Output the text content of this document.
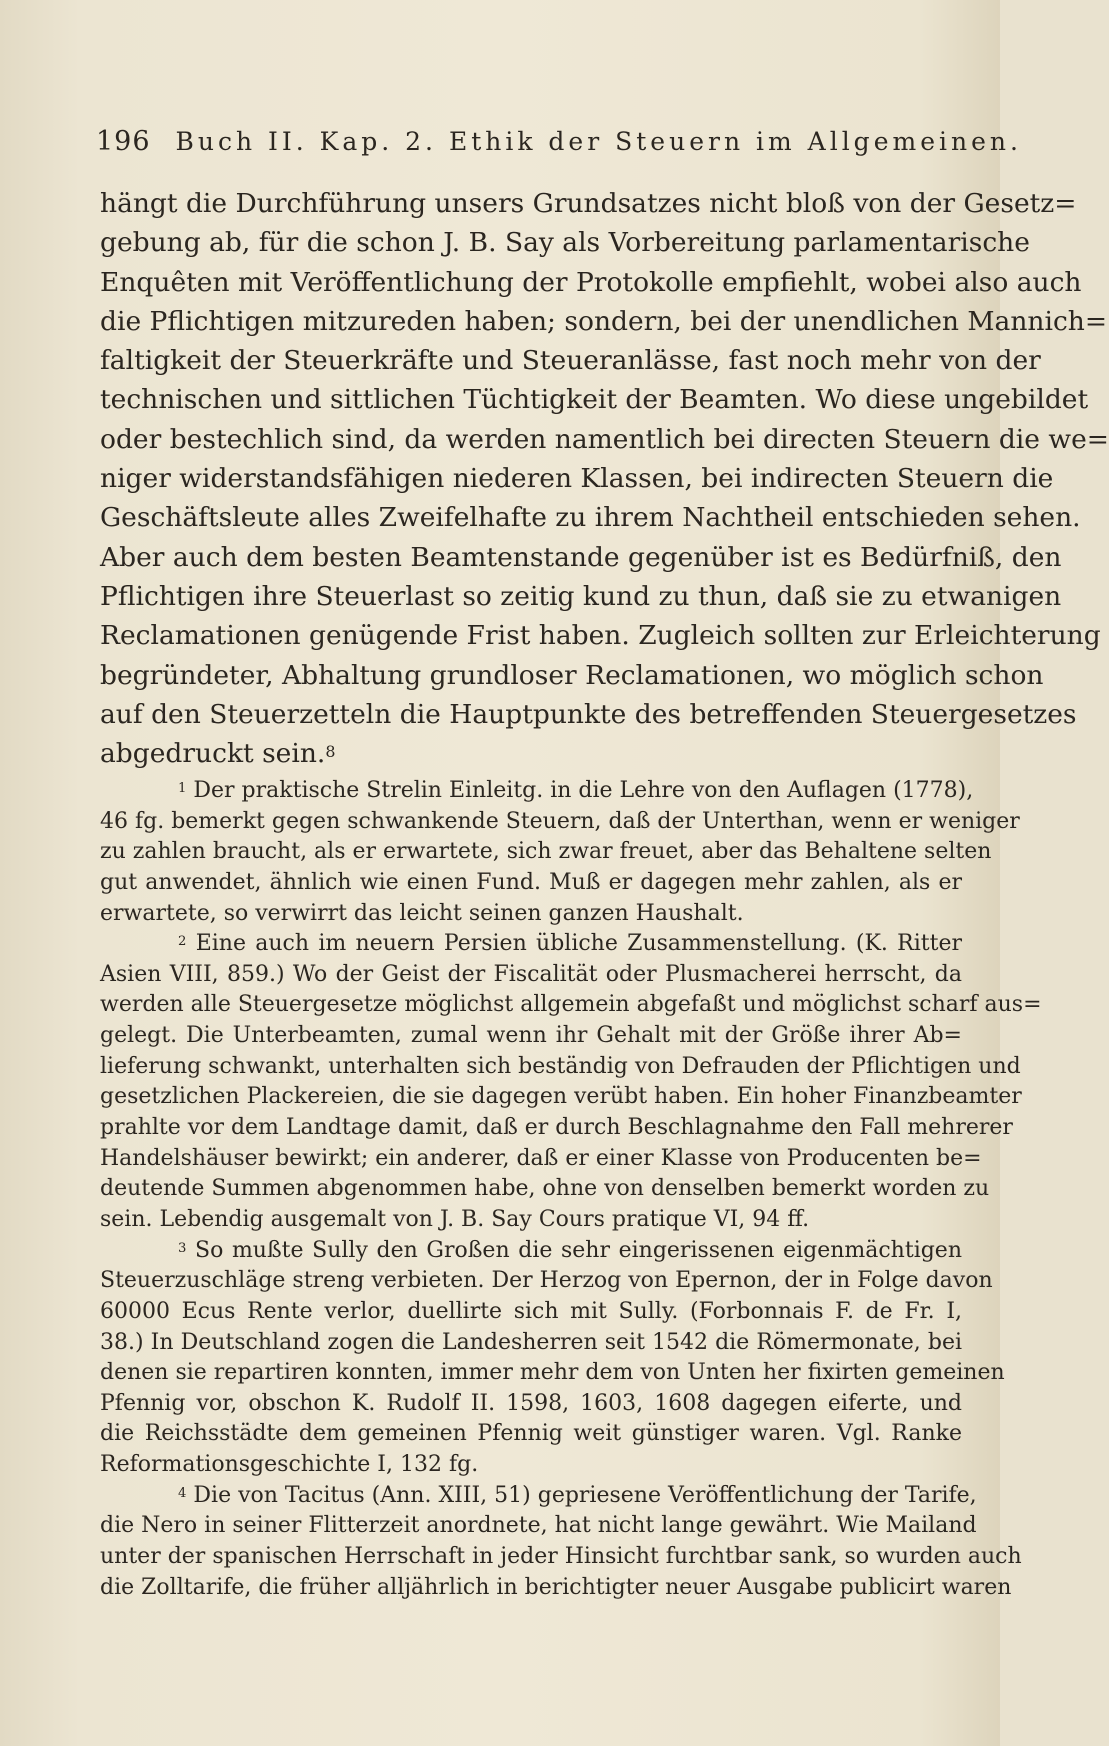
196 Buch II. Kap. 2. Ethik der Steuern im Allgemeinen.
hängt die Durchführung unsers Grundsatzes nicht bloß von der Gesetz=
gebung ab, für die schon J. B. Say als Vorbereitung parlamentarische
Enquêten mit Veröffentlichung der Protokolle empfiehlt, wobei also auch
die Pflichtigen mitzureden haben; sondern, bei der unendlichen Mannich=
faltigkeit der Steuerkräfte und Steueranlässe, fast noch mehr von der
technischen und sittlichen Tüchtigkeit der Beamten. Wo diese ungebildet
oder bestechlich sind, da werden namentlich bei directen Steuern die we=
niger widerstandsfähigen niederen Klassen, bei indirecten Steuern die
Geschäftsleute alles Zweifelhafte zu ihrem Nachtheil entschieden sehen.
Aber auch dem besten Beamtenstande gegenüber ist es Bedürfniß, den
Pflichtigen ihre Steuerlast so zeitig kund zu thun, daß sie zu etwanigen
Reclamationen genügende Frist haben. Zugleich sollten zur Erleichterung
begründeter, Abhaltung grundloser Reclamationen, wo möglich schon
auf den Steuerzetteln die Hauptpunkte des betreffenden Steuergesetzes
abgedruckt sein.$^8$
$^1$ Der praktische Strelin Einleitg. in die Lehre von den Auflagen (1778),
46 fg. bemerkt gegen schwankende Steuern, daß der Unterthan, wenn er weniger
zu zahlen braucht, als er erwartete, sich zwar freuet, aber das Behaltene selten
gut anwendet, ähnlich wie einen Fund. Muß er dagegen mehr zahlen, als er
erwartete, so verwirrt das leicht seinen ganzen Haushalt.
$^2$ Eine auch im neuern Persien übliche Zusammenstellung. (K. Ritter
Asien VIII, 859.) Wo der Geist der Fiscalität oder Plusmacherei herrscht, da
werden alle Steuergesetze möglichst allgemein abgefaßt und möglichst scharf aus=
gelegt. Die Unterbeamten, zumal wenn ihr Gehalt mit der Größe ihrer Ab=
lieferung schwankt, unterhalten sich beständig von Defrauden der Pflichtigen und
gesetzlichen Plackereien, die sie dagegen verübt haben. Ein hoher Finanzbeamter
prahlte vor dem Landtage damit, daß er durch Beschlagnahme den Fall mehrerer
Handelshäuser bewirkt; ein anderer, daß er einer Klasse von Producenten be=
deutende Summen abgenommen habe, ohne von denselben bemerkt worden zu
sein. Lebendig ausgemalt von J. B. Say Cours pratique VI, 94 ff.
$^3$ So mußte Sully den Großen die sehr eingerissenen eigenmächtigen
Steuerzuschläge streng verbieten. Der Herzog von Epernon, der in Folge davon
60000 Ecus Rente verlor, duellirte sich mit Sully. (Forbonnais F. de Fr. I,
38.) In Deutschland zogen die Landesherren seit 1542 die Römermonate, bei
denen sie repartiren konnten, immer mehr dem von Unten her fixirten gemeinen
Pfennig vor, obschon K. Rudolf II. 1598, 1603, 1608 dagegen eiferte, und
die Reichsstädte dem gemeinen Pfennig weit günstiger waren. Vgl. Ranke
Reformationsgeschichte I, 132 fg.
$^4$ Die von Tacitus (Ann. XIII, 51) gepriesene Veröffentlichung der Tarife,
die Nero in seiner Flitterzeit anordnete, hat nicht lange gewährt. Wie Mailand
unter der spanischen Herrschaft in jeder Hinsicht furchtbar sank, so wurden auch
die Zolltarife, die früher alljährlich in berichtigter neuer Ausgabe publicirt waren
